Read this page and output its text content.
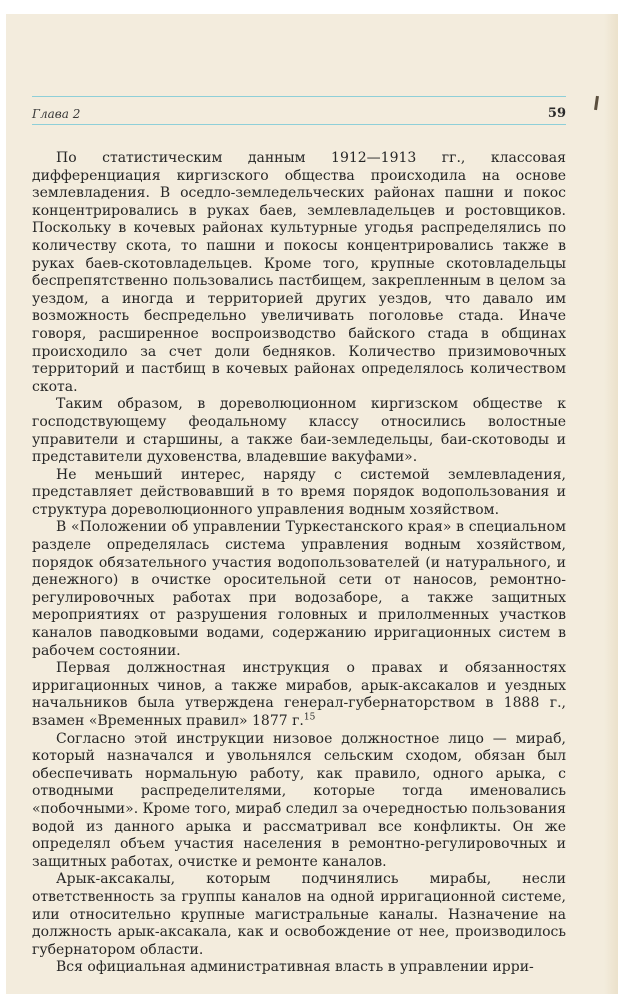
Глава 2	59

По статистическим данным 1912—1913 гг., классовая дифференциация киргизского общества происходила на основе землевладения. В оседло-земледельческих районах пашни и покос концентрировались в руках баев, землевладельцев и ростовщиков. Поскольку в кочевых районах культурные угодья распределялись по количеству скота, то пашни и покосы концентрировались также в руках баев-скотовладельцев. Кроме того, крупные скотовладельцы беспрепятственно пользовались пастбищем, закрепленным в целом за уездом, а иногда и территорией других уездов, что давало им возможность беспредельно увеличивать поголовье стада. Иначе говоря, расширенное воспроизводство байского стада в общинах происходило за счет доли бедняков. Количество призимовочных территорий и пастбищ в кочевых районах определялось количеством скота.

Таким образом, в дореволюционном киргизском обществе к господствующему феодальному классу относились волостные управители и старшины, а также баи-земледельцы, баи-скотоводы и представители духовенства, владевшие вакуфами».

Не меньший интерес, наряду с системой землевладения, представляет действовавший в то время порядок водопользования и структура дореволюционного управления водным хозяйством.

В «Положении об управлении Туркестанского края» в специальном разделе определялась система управления водным хозяйством, порядок обязательного участия водопользователей (и натурального, и денежного) в очистке оросительной сети от наносов, ремонтно-регулировочных работах при водозаборе, а также защитных мероприятиях от разрушения головных и прилолменных участков каналов паводковыми водами, содержанию ирригационных систем в рабочем состоянии.

Первая должностная инструкция о правах и обязанностях ирригационных чинов, а также мирабов, арык-аксакалов и уездных начальников была утверждена генерал-губернаторством в 1888 г., взамен «Временных правил» 1877 г.$^{15}$

Согласно этой инструкции низовое должностное лицо — мираб, который назначался и увольнялся сельским сходом, обязан был обеспечивать нормальную работу, как правило, одного арыка, с отводными распределителями, которые тогда именовались «побочными». Кроме того, мираб следил за очередностью пользования водой из данного арыка и рассматривал все конфликты. Он же определял объем участия населения в ремонтно-регулировочных и защитных работах, очистке и ремонте каналов.

Арык-аксакалы, которым подчинялись мирабы, несли ответственность за группы каналов на одной ирригационной системе, или относительно крупные магистральные каналы. Назначение на должность арык-аксакала, как и освобождение от нее, производилось губернатором области.

Вся официальная административная власть в управлении ирри-
